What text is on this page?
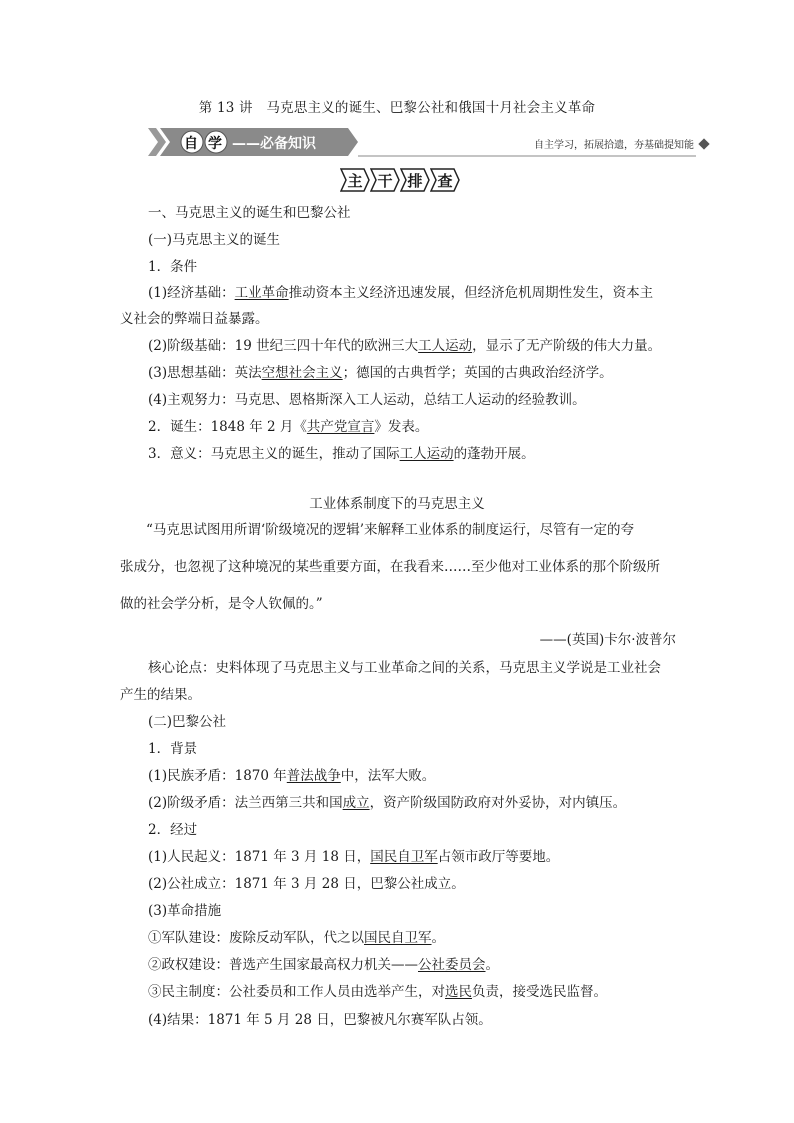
第 13 讲　马克思主义的诞生、巴黎公社和俄国十月社会主义革命
自 学 ——必备知识	自主学习，拓展拾遗，夯基础提知能
主 干 排 查
一、马克思主义的诞生和巴黎公社
(一)马克思主义的诞生
1．条件
(1)经济基础：工业革命推动资本主义经济迅速发展，但经济危机周期性发生，资本主
义社会的弊端日益暴露。
(2)阶级基础：19 世纪三四十年代的欧洲三大工人运动，显示了无产阶级的伟大力量。
(3)思想基础：英法空想社会主义；德国的古典哲学；英国的古典政治经济学。
(4)主观努力：马克思、恩格斯深入工人运动，总结工人运动的经验教训。
2．诞生：1848 年 2 月《共产党宣言》发表。
3．意义：马克思主义的诞生，推动了国际工人运动的蓬勃开展。
工业体系制度下的马克思主义
“马克思试图用所谓‘阶级境况的逻辑’来解释工业体系的制度运行，尽管有一定的夸
张成分，也忽视了这种境况的某些重要方面，在我看来……至少他对工业体系的那个阶级所
做的社会学分析，是令人钦佩的。”
——(英国)卡尔·波普尔
核心论点：史料体现了马克思主义与工业革命之间的关系，马克思主义学说是工业社会
产生的结果。
(二)巴黎公社
1．背景
(1)民族矛盾：1870 年普法战争中，法军大败。
(2)阶级矛盾：法兰西第三共和国成立，资产阶级国防政府对外妥协，对内镇压。
2．经过
(1)人民起义：1871 年 3 月 18 日，国民自卫军占领市政厅等要地。
(2)公社成立：1871 年 3 月 28 日，巴黎公社成立。
(3)革命措施
①军队建设：废除反动军队，代之以国民自卫军。
②政权建设：普选产生国家最高权力机关——公社委员会。
③民主制度：公社委员和工作人员由选举产生，对选民负责，接受选民监督。
(4)结果：1871 年 5 月 28 日，巴黎被凡尔赛军队占领。
